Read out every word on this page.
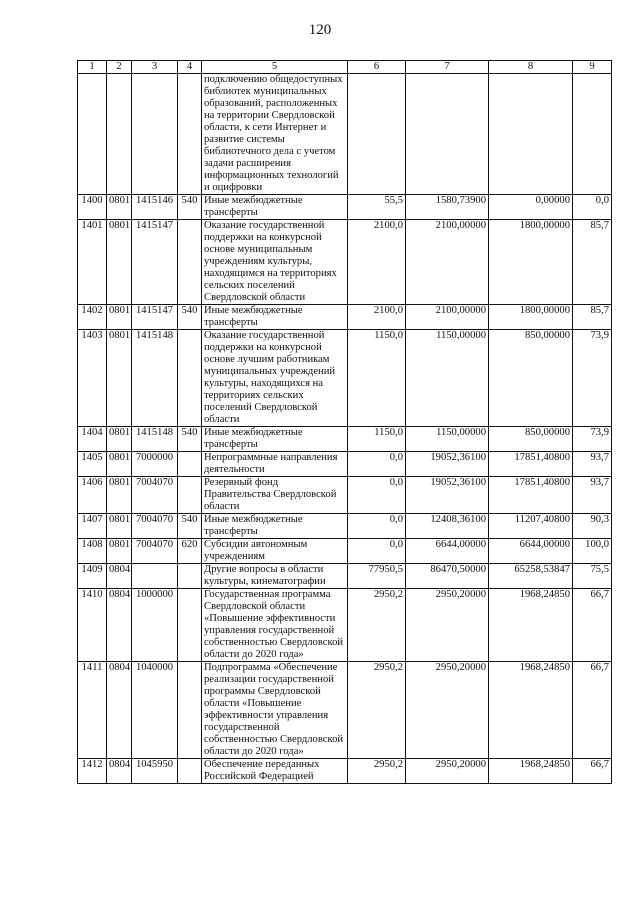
120
1	2	3	4	5	6	7	8	9
				подключению общедоступных библиотек муниципальных образований, расположенных на территории Свердловской области, к сети Интернет и развитие системы библиотечного дела с учетом задачи расширения информационных технологий и оцифровки				
1400	0801	1415146	540	Иные межбюджетные трансферты	55,5	1580,73900	0,00000	0,0
1401	0801	1415147		Оказание государственной поддержки на конкурсной основе муниципальным учреждениям культуры, находящимся на территориях сельских поселений Свердловской области	2100,0	2100,00000	1800,00000	85,7
1402	0801	1415147	540	Иные межбюджетные трансферты	2100,0	2100,00000	1800,00000	85,7
1403	0801	1415148		Оказание государственной поддержки на конкурсной основе лучшим работникам муниципальных учреждений культуры, находящихся на территориях сельских поселений Свердловской области	1150,0	1150,00000	850,00000	73,9
1404	0801	1415148	540	Иные межбюджетные трансферты	1150,0	1150,00000	850,00000	73,9
1405	0801	7000000		Непрограммные направления деятельности	0,0	19052,36100	17851,40800	93,7
1406	0801	7004070		Резервный фонд Правительства Свердловской области	0,0	19052,36100	17851,40800	93,7
1407	0801	7004070	540	Иные межбюджетные трансферты	0,0	12408,36100	11207,40800	90,3
1408	0801	7004070	620	Субсидии автономным учреждениям	0,0	6644,00000	6644,00000	100,0
1409	0804			Другие вопросы в области культуры, кинематографии	77950,5	86470,50000	65258,53847	75,5
1410	0804	1000000		Государственная программа Свердловской области «Повышение эффективности управления государственной собственностью Свердловской области до 2020 года»	2950,2	2950,20000	1968,24850	66,7
1411	0804	1040000		Подпрограмма «Обеспечение реализации государственной программы Свердловской области «Повышение эффективности управления государственной собственностью Свердловской области до 2020 года»	2950,2	2950,20000	1968,24850	66,7
1412	0804	1045950		Обеспечение переданных Российской Федерацией	2950,2	2950,20000	1968,24850	66,7
